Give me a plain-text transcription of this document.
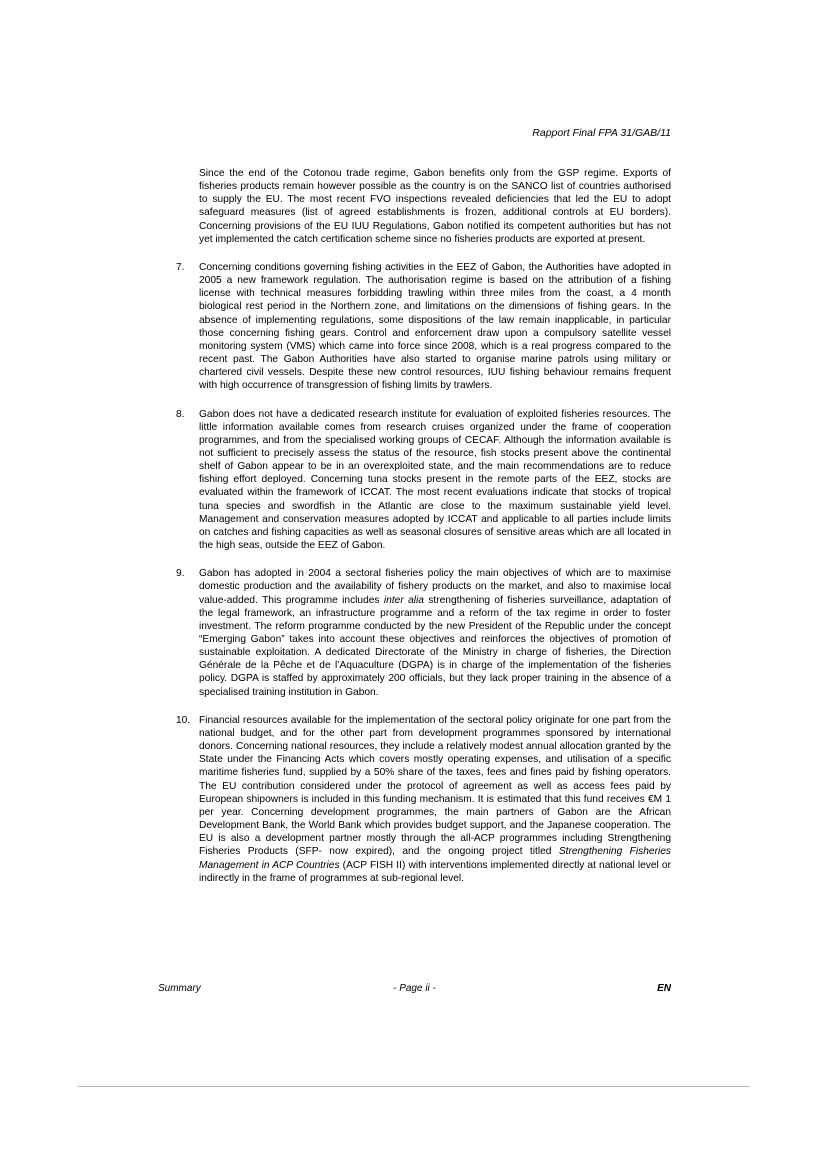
Rapport Final FPA 31/GAB/11

Since the end of the Cotonou trade regime, Gabon benefits only from the GSP regime. Exports of fisheries products remain however possible as the country is on the SANCO list of countries authorised to supply the EU. The most recent FVO inspections revealed deficiencies that led the EU to adopt safeguard measures (list of agreed establishments is frozen, additional controls at EU borders). Concerning provisions of the EU IUU Regulations, Gabon notified its competent authorities but has not yet implemented the catch certification scheme since no fisheries products are exported at present.

7.	Concerning conditions governing fishing activities in the EEZ of Gabon, the Authorities have adopted in 2005 a new framework regulation. The authorisation regime is based on the attribution of a fishing license with technical measures forbidding trawling within three miles from the coast, a 4 month biological rest period in the Northern zone, and limitations on the dimensions of fishing gears. In the absence of implementing regulations, some dispositions of the law remain inapplicable, in particular those concerning fishing gears. Control and enforcement draw upon a compulsory satellite vessel monitoring system (VMS) which came into force since 2008, which is a real progress compared to the recent past. The Gabon Authorities have also started to organise marine patrols using military or chartered civil vessels. Despite these new control resources, IUU fishing behaviour remains frequent with high occurrence of transgression of fishing limits by trawlers.

8.	Gabon does not have a dedicated research institute for evaluation of exploited fisheries resources. The little information available comes from research cruises organized under the frame of cooperation programmes, and from the specialised working groups of CECAF. Although the information available is not sufficient to precisely assess the status of the resource, fish stocks present above the continental shelf of Gabon appear to be in an overexploited state, and the main recommendations are to reduce fishing effort deployed. Concerning tuna stocks present in the remote parts of the EEZ, stocks are evaluated within the framework of ICCAT. The most recent evaluations indicate that stocks of tropical tuna species and swordfish in the Atlantic are close to the maximum sustainable yield level. Management and conservation measures adopted by ICCAT and applicable to all parties include limits on catches and fishing capacities as well as seasonal closures of sensitive areas which are all located in the high seas, outside the EEZ of Gabon.

9.	Gabon has adopted in 2004 a sectoral fisheries policy the main objectives of which are to maximise domestic production and the availability of fishery products on the market, and also to maximise local value-added. This programme includes inter alia strengthening of fisheries surveillance, adaptation of the legal framework, an infrastructure programme and a reform of the tax regime in order to foster investment. The reform programme conducted by the new President of the Republic under the concept “Emerging Gabon” takes into account these objectives and reinforces the objectives of promotion of sustainable exploitation. A dedicated Directorate of the Ministry in charge of fisheries, the Direction Générale de la Pêche et de l’Aquaculture (DGPA) is in charge of the implementation of the fisheries policy. DGPA is staffed by approximately 200 officials, but they lack proper training in the absence of a specialised training institution in Gabon.

10. Financial resources available for the implementation of the sectoral policy originate for one part from the national budget, and for the other part from development programmes sponsored by international donors. Concerning national resources, they include a relatively modest annual allocation granted by the State under the Financing Acts which covers mostly operating expenses, and utilisation of a specific maritime fisheries fund, supplied by a 50% share of the taxes, fees and fines paid by fishing operators. The EU contribution considered under the protocol of agreement as well as access fees paid by European shipowners is included in this funding mechanism. It is estimated that this fund receives €M 1 per year. Concerning development programmes, the main partners of Gabon are the African Development Bank, the World Bank which provides budget support, and the Japanese cooperation. The EU is also a development partner mostly through the all-ACP programmes including Strengthening Fisheries Products (SFP- now expired), and the ongoing project titled Strengthening Fisheries Management in ACP Countries (ACP FISH II) with interventions implemented directly at national level or indirectly in the frame of programmes at sub-regional level.

Summary	- Page ii -	EN
